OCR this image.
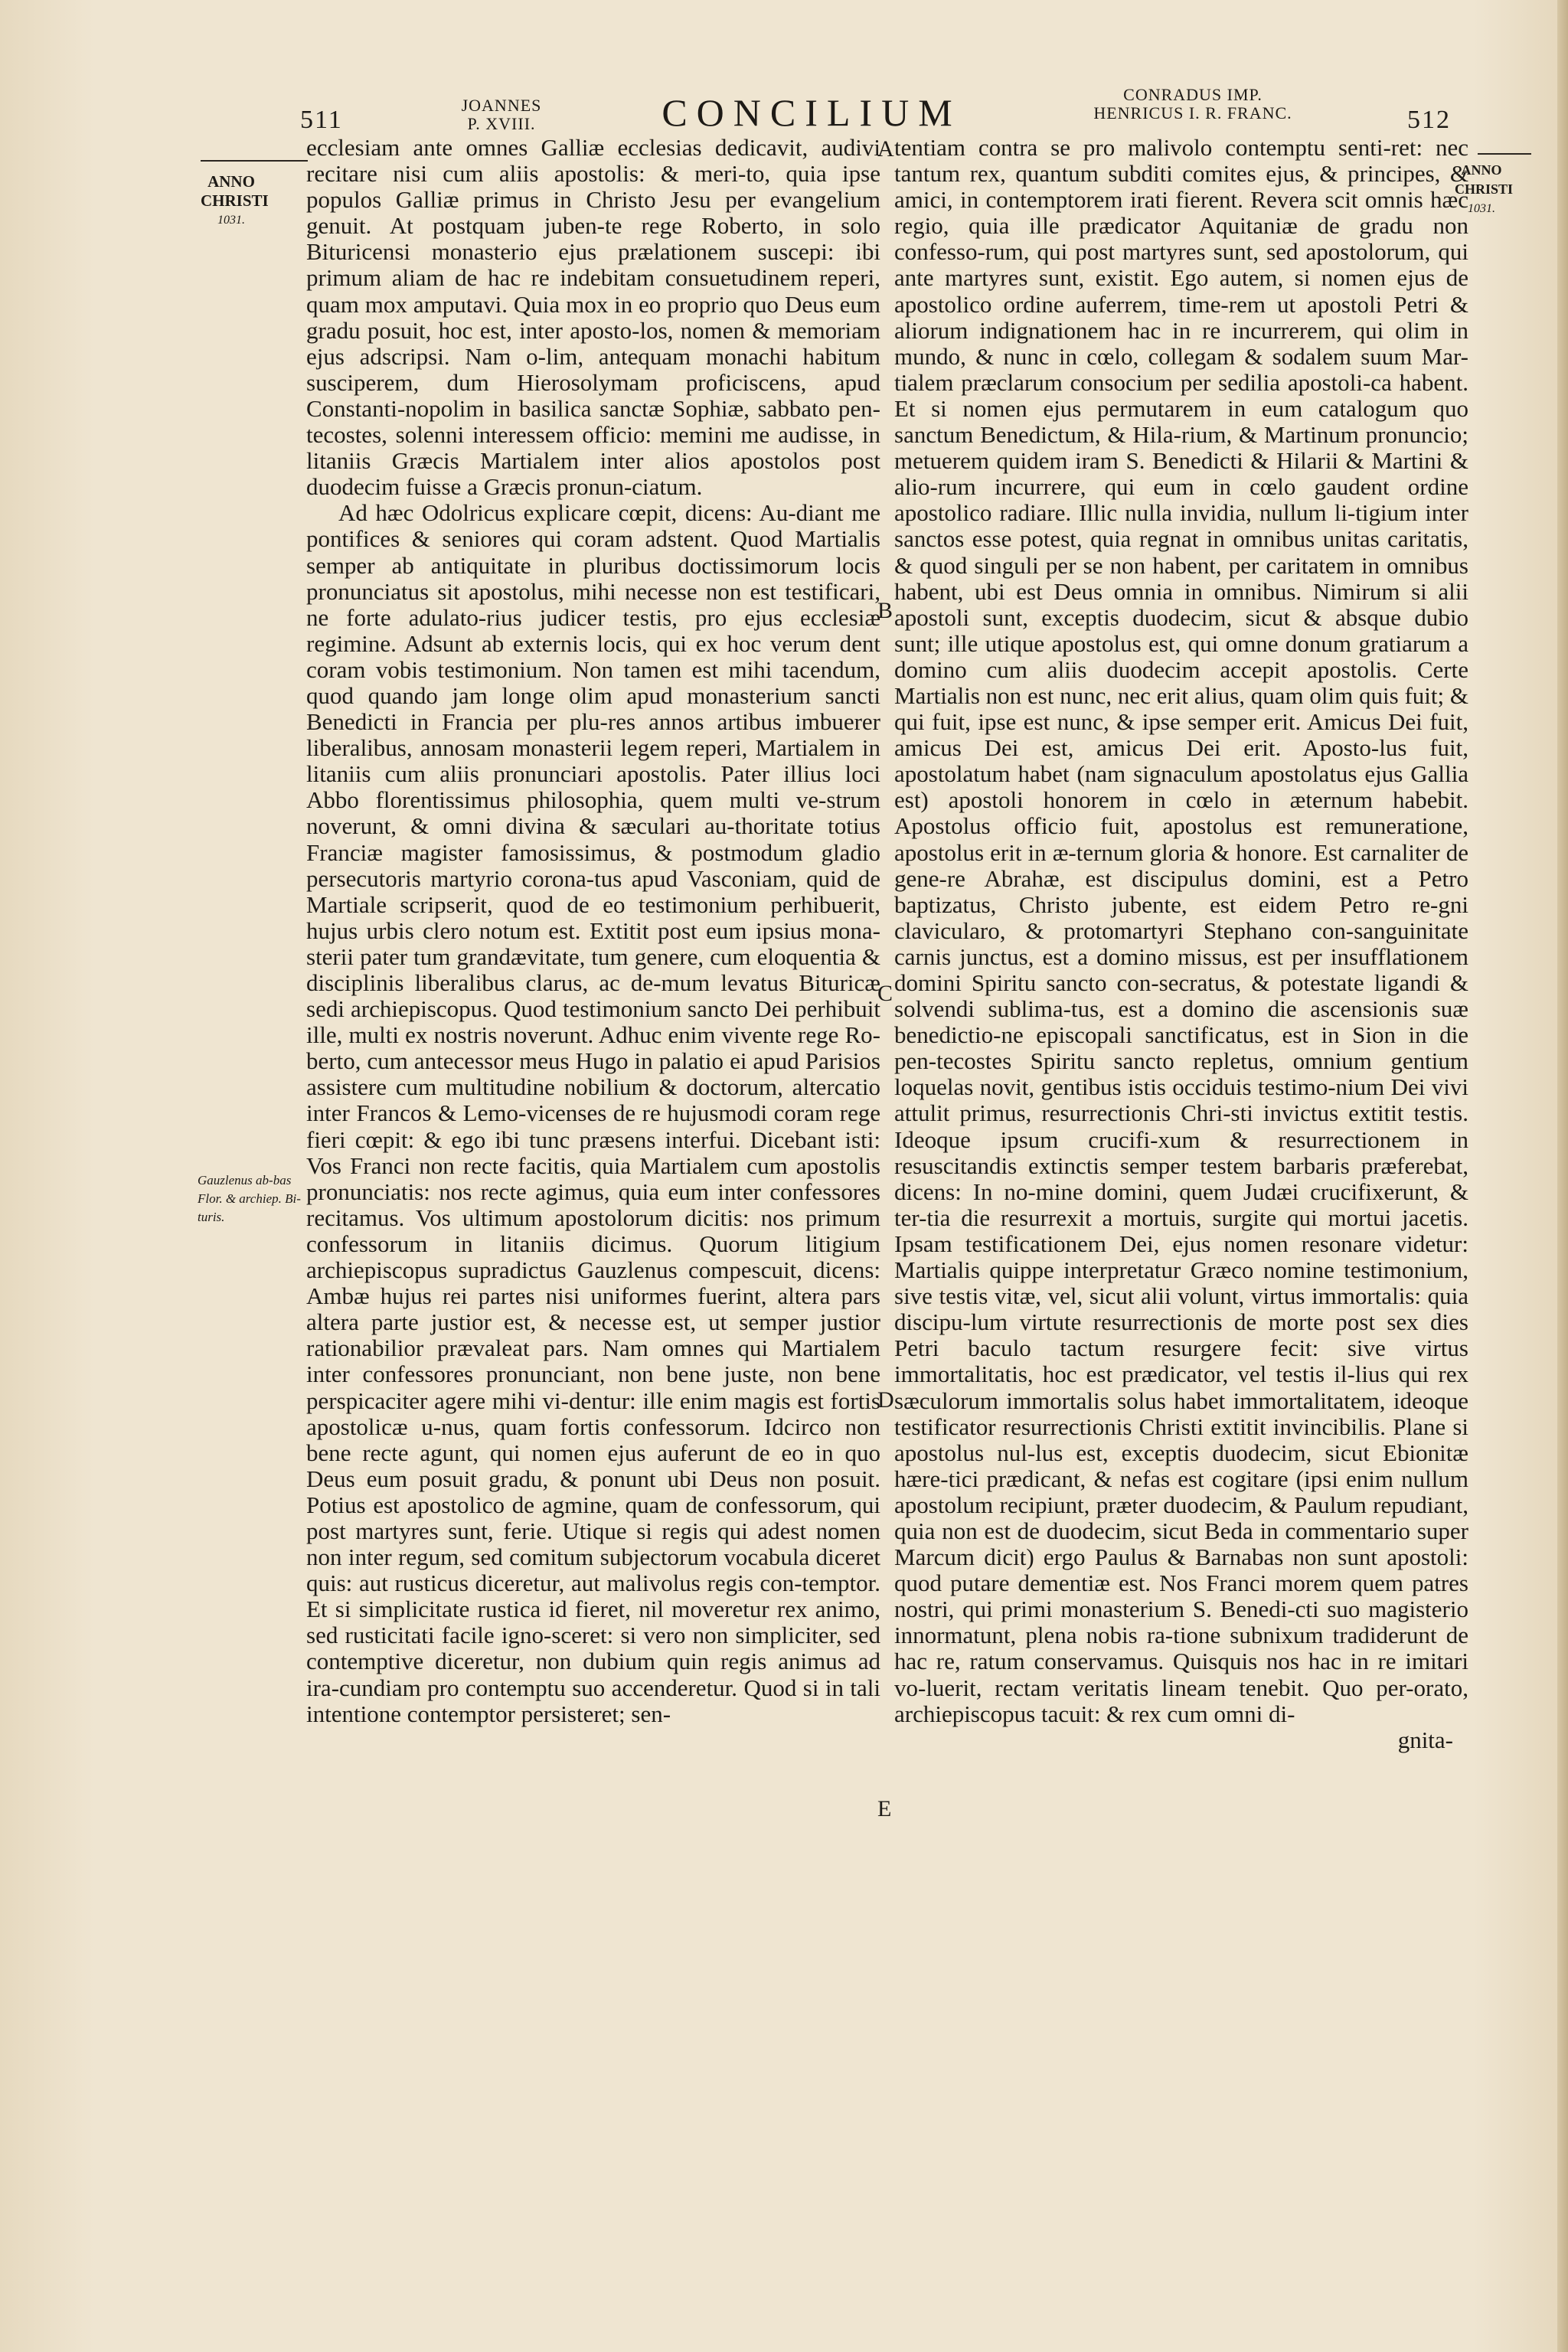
511
JOANNES
P. XVIII.	CONCILIUM	CONRADUS IMP.
HENRICUS I. R. FRANC.	512
ANNO
CHRISTI
1031.
ANNO
CHRISTI
1031.
Gauzlenus ab-bas Flor. & archiep. Bi-turis.
A
B
C
D
E

ecclesiam ante omnes Galliæ ecclesias dedicavit, audivi recitare nisi cum aliis apostolis: & meri-to, quia ipse populos Galliæ primus in Christo Jesu per evangelium genuit. At postquam juben-te rege Roberto, in solo Bituricensi monasterio ejus prælationem suscepi: ibi primum aliam de hac re indebitam consuetudinem reperi, quam mox amputavi. Quia mox in eo proprio quo Deus eum gradu posuit, hoc est, inter aposto-los, nomen & memoriam ejus adscripsi. Nam o-lim, antequam monachi habitum susciperem, dum Hierosolymam proficiscens, apud Constanti-nopolim in basilica sanctæ Sophiæ, sabbato pen-tecostes, solenni interessem officio: memini me audisse, in litaniis Græcis Martialem inter alios apostolos post duodecim fuisse a Græcis pronun-ciatum.

Ad hæc Odolricus explicare cœpit, dicens: Au-diant me pontifices & seniores qui coram adstent. Quod Martialis semper ab antiquitate in pluribus doctissimorum locis pronunciatus sit apostolus, mihi necesse non est testificari, ne forte adulato-rius judicer testis, pro ejus ecclesiæ regimine. Adsunt ab externis locis, qui ex hoc verum dent coram vobis testimonium. Non tamen est mihi tacendum, quod quando jam longe olim apud monasterium sancti Benedicti in Francia per plu-res annos artibus imbuerer liberalibus, annosam monasterii legem reperi, Martialem in litaniis cum aliis pronunciari apostolis. Pater illius loci Abbo florentissimus philosophia, quem multi ve-strum noverunt, & omni divina & sæculari au-thoritate totius Franciæ magister famosissimus, & postmodum gladio persecutoris martyrio corona-tus apud Vasconiam, quid de Martiale scripserit, quod de eo testimonium perhibuerit, hujus urbis clero notum est. Extitit post eum ipsius mona-sterii pater tum grandævitate, tum genere, cum eloquentia & disciplinis liberalibus clarus, ac de-mum levatus Bituricæ sedi archiepiscopus. Quod testimonium sancto Dei perhibuit ille, multi ex nostris noverunt. Adhuc enim vivente rege Ro-berto, cum antecessor meus Hugo in palatio ei apud Parisios assistere cum multitudine nobilium & doctorum, altercatio inter Francos & Lemo-vicenses de re hujusmodi coram rege fieri cœpit: & ego ibi tunc præsens interfui. Dicebant isti: Vos Franci non recte facitis, quia Martialem cum apostolis pronunciatis: nos recte agimus, quia eum inter confessores recitamus. Vos ultimum apostolorum dicitis: nos primum confessorum in litaniis dicimus. Quorum litigium archiepiscopus supradictus Gauzlenus compescuit, dicens: Ambæ hujus rei partes nisi uniformes fuerint, altera pars altera parte justior est, & necesse est, ut semper justior rationabilior prævaleat pars. Nam omnes qui Martialem inter confessores pronunciant, non bene juste, non bene perspicaciter agere mihi vi-dentur: ille enim magis est fortis apostolicæ u-nus, quam fortis confessorum. Idcirco non bene recte agunt, qui nomen ejus auferunt de eo in quo Deus eum posuit gradu, & ponunt ubi Deus non posuit. Potius est apostolico de agmine, quam de confessorum, qui post martyres sunt, ferie. Utique si regis qui adest nomen non inter regum, sed comitum subjectorum vocabula diceret quis: aut rusticus diceretur, aut malivolus regis con-temptor. Et si simplicitate rustica id fieret, nil moveretur rex animo, sed rusticitati facile igno-sceret: si vero non simpliciter, sed contemptive diceretur, non dubium quin regis animus ad ira-cundiam pro contemptu suo accenderetur. Quod si in tali intentione contemptor persisteret; sen-

tentiam contra se pro malivolo contemptu senti-ret: nec tantum rex, quantum subditi comites ejus, & principes, & amici, in contemptorem irati fierent. Revera scit omnis hæc regio, quia ille prædicator Aquitaniæ de gradu non confesso-rum, qui post martyres sunt, sed apostolorum, qui ante martyres sunt, existit. Ego autem, si nomen ejus de apostolico ordine auferrem, time-rem ut apostoli Petri & aliorum indignationem hac in re incurrerem, qui olim in mundo, & nunc in cœlo, collegam & sodalem suum Mar-tialem præclarum consocium per sedilia apostoli-ca habent. Et si nomen ejus permutarem in eum catalogum quo sanctum Benedictum, & Hila-rium, & Martinum pronuncio; metuerem quidem iram S. Benedicti & Hilarii & Martini & alio-rum incurrere, qui eum in cœlo gaudent ordine apostolico radiare. Illic nulla invidia, nullum li-tigium inter sanctos esse potest, quia regnat in omnibus unitas caritatis, & quod singuli per se non habent, per caritatem in omnibus habent, ubi est Deus omnia in omnibus. Nimirum si alii apostoli sunt, exceptis duodecim, sicut & absque dubio sunt; ille utique apostolus est, qui omne donum gratiarum a domino cum aliis duodecim accepit apostolis. Certe Martialis non est nunc, nec erit alius, quam olim quis fuit; & qui fuit, ipse est nunc, & ipse semper erit. Amicus Dei fuit, amicus Dei est, amicus Dei erit. Aposto-lus fuit, apostolatum habet (nam signaculum apostolatus ejus Gallia est) apostoli honorem in cœlo in æternum habebit. Apostolus officio fuit, apostolus est remuneratione, apostolus erit in æ-ternum gloria & honore. Est carnaliter de gene-re Abrahæ, est discipulus domini, est a Petro baptizatus, Christo jubente, est eidem Petro re-gni clavicularo, & protomartyri Stephano con-sanguinitate carnis junctus, est a domino missus, est per insufflationem domini Spiritu sancto con-secratus, & potestate ligandi & solvendi sublima-tus, est a domino die ascensionis suæ benedictio-ne episcopali sanctificatus, est in Sion in die pen-tecostes Spiritu sancto repletus, omnium gentium loquelas novit, gentibus istis occiduis testimo-nium Dei vivi attulit primus, resurrectionis Chri-sti invictus extitit testis. Ideoque ipsum crucifi-xum & resurrectionem in resuscitandis extinctis semper testem barbaris præferebat, dicens: In no-mine domini, quem Judæi crucifixerunt, & ter-tia die resurrexit a mortuis, surgite qui mortui jacetis. Ipsam testificationem Dei, ejus nomen resonare videtur: Martialis quippe interpretatur Græco nomine testimonium, sive testis vitæ, vel, sicut alii volunt, virtus immortalis: quia discipu-lum virtute resurrectionis de morte post sex dies Petri baculo tactum resurgere fecit: sive virtus immortalitatis, hoc est prædicator, vel testis il-lius qui rex sæculorum immortalis solus habet immortalitatem, ideoque testificator resurrectionis Christi extitit invincibilis. Plane si apostolus nul-lus est, exceptis duodecim, sicut Ebionitæ hære-tici prædicant, & nefas est cogitare (ipsi enim nullum apostolum recipiunt, præter duodecim, & Paulum repudiant, quia non est de duodecim, sicut Beda in commentario super Marcum dicit) ergo Paulus & Barnabas non sunt apostoli: quod putare dementiæ est. Nos Franci morem quem patres nostri, qui primi monasterium S. Benedi-cti suo magisterio innormatunt, plena nobis ra-tione subnixum tradiderunt de hac re, ratum conservamus. Quisquis nos hac in re imitari vo-luerit, rectam veritatis lineam tenebit. Quo per-orato, archiepiscopus tacuit: & rex cum omni di-

gnita-
